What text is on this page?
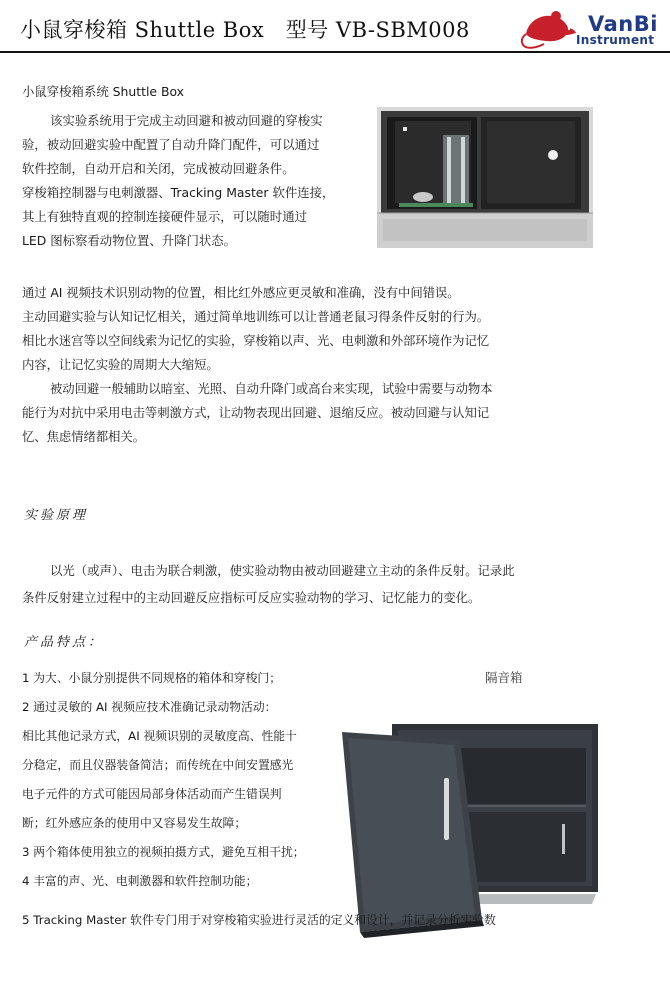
小鼠穿梭箱 Shuttle Box　型号 VB-SBM008	VanBi
Instrument
小鼠穿梭箱系统 Shuttle Box
该实验系统用于完成主动回避和被动回避的穿梭实
验，被动回避实验中配置了自动升降门配件，可以通过
软件控制，自动开启和关闭，完成被动回避条件。
穿梭箱控制器与电刺激器、Tracking Master 软件连接，
其上有独特直观的控制连接硬件显示，可以随时通过
LED 图标察看动物位置、升降门状态。
通过 AI 视频技术识别动物的位置，相比红外感应更灵敏和准确，没有中间错误。
主动回避实验与认知记忆相关，通过简单地训练可以让普通老鼠习得条件反射的行为。
相比水迷宫等以空间线索为记忆的实验，穿梭箱以声、光、电刺激和外部环境作为记忆
内容，让记忆实验的周期大大缩短。
被动回避一般辅助以暗室、光照、自动升降门或高台来实现，试验中需要与动物本
能行为对抗中采用电击等刺激方式，让动物表现出回避、退缩反应。被动回避与认知记
忆、焦虑情绪都相关。
实验原理
以光（或声）、电击为联合刺激，使实验动物由被动回避建立主动的条件反射。记录此
条件反射建立过程中的主动回避反应指标可反应实验动物的学习、记忆能力的变化。
产品特点：
1 为大、小鼠分别提供不同规格的箱体和穿梭门；
2 通过灵敏的 AI 视频应技术准确记录动物活动：
相比其他记录方式，AI 视频识别的灵敏度高、性能十
分稳定，而且仪器装备简洁；而传统在中间安置感光
电子元件的方式可能因局部身体活动而产生错误判
断；红外感应条的使用中又容易发生故障；
3 两个箱体使用独立的视频拍摄方式，避免互相干扰；
4 丰富的声、光、电刺激器和软件控制功能；
隔音箱
5 Tracking Master 软件专门用于对穿梭箱实验进行灵活的定义和设计，并记录分析实验数
